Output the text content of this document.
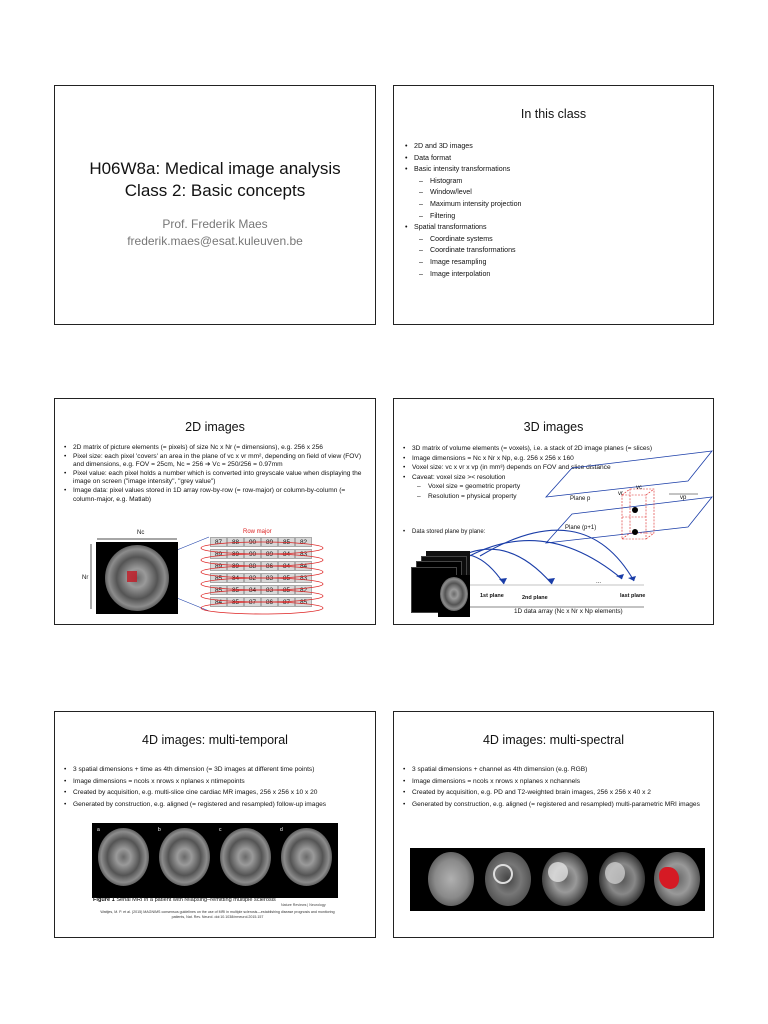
H06W8a: Medical image analysis
Class 2: Basic concepts
Prof. Frederik Maes
frederik.maes@esat.kuleuven.be
In this class
• 2D and 3D images
• Data format
• Basic intensity transformations
– Histogram
– Window/level
– Maximum intensity projection
– Filtering
• Spatial transformations
– Coordinate systems
– Coordinate transformations
– Image resampling
– Image interpolation
2D images
• 2D matrix of picture elements (= pixels) of size Nc x Nr (= dimensions), e.g. 256 x 256
• Pixel size: each pixel 'covers' an area in the plane of vc x vr mm², depending on field of view (FOV) and dimensions, e.g. FOV = 25cm, Nc = 256 ➔ Vc = 250/256 = 0.97mm
• Pixel value: each pixel holds a number which is converted into greyscale value when displaying the image on screen ("image intensity", "grey value")
• Image data: pixel values stored in 1D array row-by-row (= row-major) or column-by-column (= column-major, e.g. Matlab)
Nc
Nr
Row major
87	88	90	89	85	82
89	89	90	89	84	83
89	89	88	86	84	84
85	84	82	83	85	83
85	85	84	83	85	82
84	85	87	86	87	85
3D images
• 3D matrix of volume elements (= voxels), i.e. a stack of 2D image planes (= slices)
• Image dimensions = Nc x Nr x Np, e.g. 256 x 256 x 160
• Voxel size: vc x vr x vp (in mm³) depends on FOV and slice distance
• Caveat: voxel size >< resolution
– Voxel size = geometric property
– Resolution = physical property	Plane p
Plane (p+1)
vc
vr
vp
• Data stored plane by plane:
1st plane	2nd plane
...
last plane
1D data array (Nc x Nr x Np elements)
4D images: multi-temporal
• 3 spatial dimensions + time as 4th dimension (= 3D images at different time points)
• Image dimensions = ncols x nrows x nplanes x ntimepoints
• Created by acquisition, e.g. multi-slice cine cardiac MR images, 256 x 256 x 10 x 20
• Generated by construction, e.g. aligned (= registered and resampled) follow-up images
a	b	c	d
Figure 1 Serial MRI in a patient with relapsing–remitting multiple sclerosis
Nature Reviews | Neurology
Wattjes, M. P. et al. (2015) MAGNIMS consensus guidelines on the use of MRI in multiple sclerosis—establishing disease prognosis and monitoring patients, Nat. Rev. Neurol. doi:10.1038/nrneurol.2015.157
4D images: multi-spectral
• 3 spatial dimensions + channel as 4th dimension (e.g. RGB)
• Image dimensions = ncols x nrows x nplanes x nchannels
• Created by acquisition, e.g. PD and T2-weighted brain images, 256 x 256 x 40 x 2
• Generated by construction, e.g. aligned (= registered and resampled) multi-parametric MRI images
